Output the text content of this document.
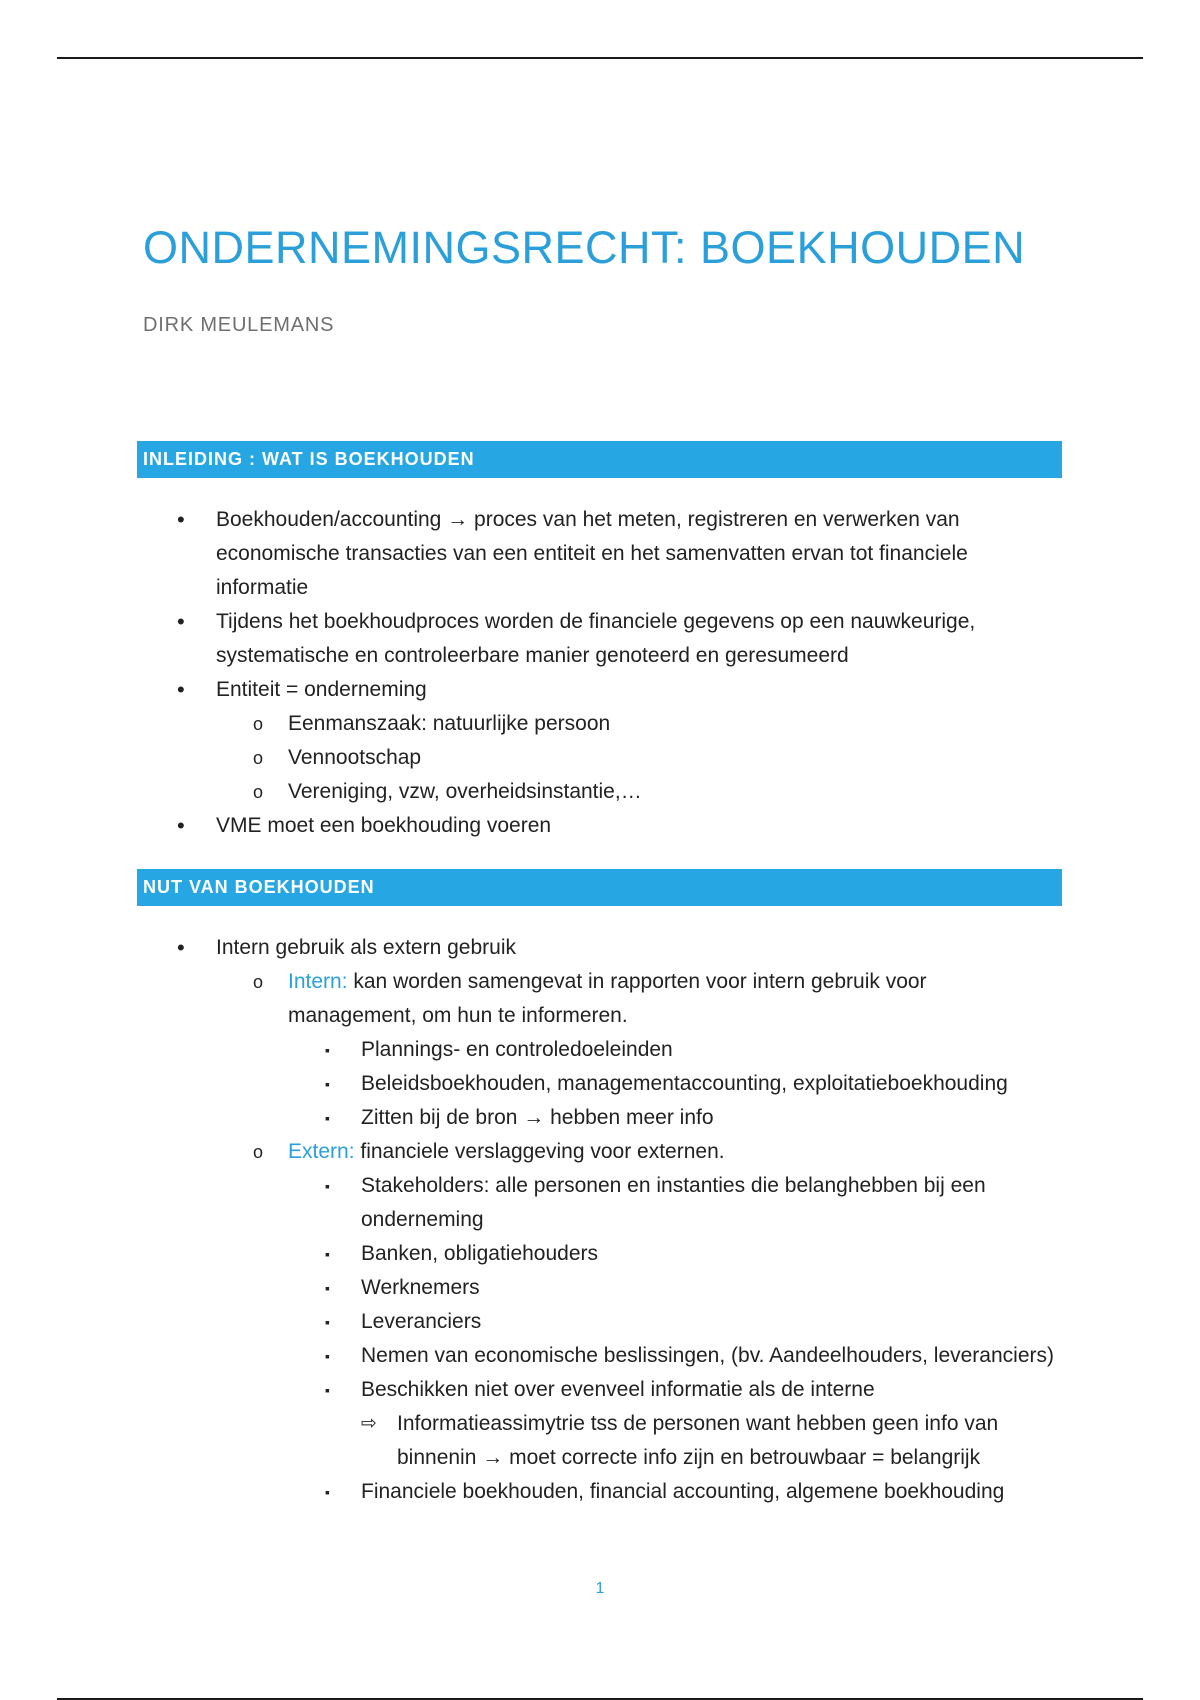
ONDERNEMINGSRECHT: BOEKHOUDEN
DIRK MEULEMANS
INLEIDING : WAT IS BOEKHOUDEN
• Boekhouden/accounting → proces van het meten, registreren en verwerken van economische transacties van een entiteit en het samenvatten ervan tot financiele informatie
• Tijdens het boekhoudproces worden de financiele gegevens op een nauwkeurige, systematische en controleerbare manier genoteerd en geresumeerd
• Entiteit = onderneming
o Eenmanszaak: natuurlijke persoon
o Vennootschap
o Vereniging, vzw, overheidsinstantie,…
• VME moet een boekhouding voeren
NUT VAN BOEKHOUDEN
• Intern gebruik als extern gebruik
o Intern: kan worden samengevat in rapporten voor intern gebruik voor management, om hun te informeren.
▪ Plannings- en controledoeleinden
▪ Beleidsboekhouden, managementaccounting, exploitatieboekhouding
▪ Zitten bij de bron → hebben meer info
o Extern: financiele verslaggeving voor externen.
▪ Stakeholders: alle personen en instanties die belanghebben bij een onderneming
▪ Banken, obligatiehouders
▪ Werknemers
▪ Leveranciers
▪ Nemen van economische beslissingen, (bv. Aandeelhouders, leveranciers)
▪ Beschikken niet over evenveel informatie als de interne
⇨ Informatieassimytrie tss de personen want hebben geen info van binnenin → moet correcte info zijn en betrouwbaar = belangrijk
▪ Financiele boekhouden, financial accounting, algemene boekhouding
1
